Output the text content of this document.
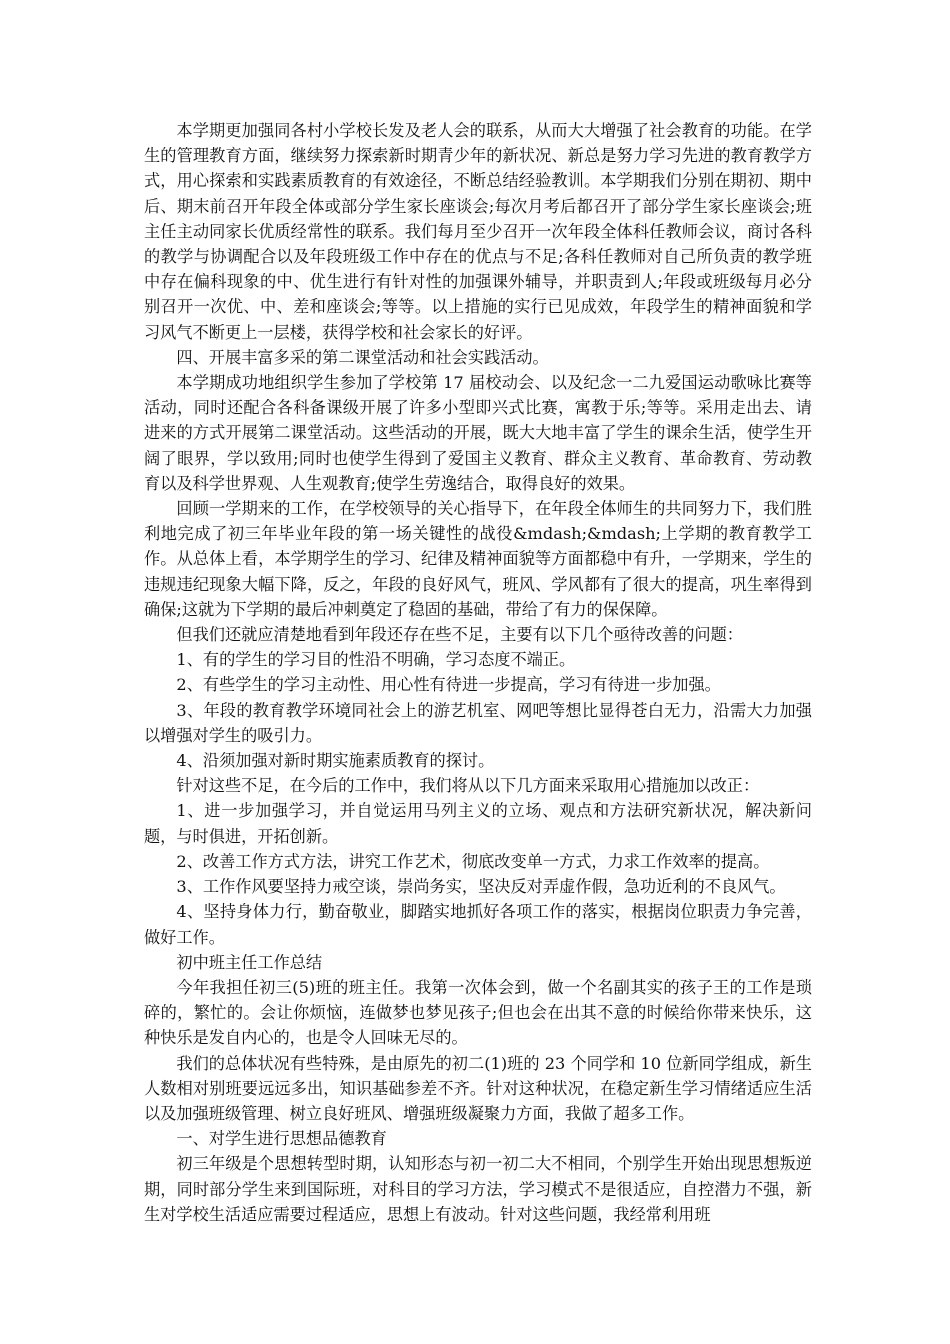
本学期更加强同各村小学校长发及老人会的联系，从而大大增强了社会教育的功能。在学生的管理教育方面，继续努力探索新时期青少年的新状况、新总是努力学习先进的教育教学方式，用心探索和实践素质教育的有效途径，不断总结经验教训。本学期我们分别在期初、期中后、期末前召开年段全体或部分学生家长座谈会;每次月考后都召开了部分学生家长座谈会;班主任主动同家长优质经常性的联系。我们每月至少召开一次年段全体科任教师会议，商讨各科的教学与协调配合以及年段班级工作中存在的优点与不足;各科任教师对自己所负责的教学班中存在偏科现象的中、优生进行有针对性的加强课外辅导，并职责到人;年段或班级每月必分别召开一次优、中、差和座谈会;等等。以上措施的实行已见成效，年段学生的精神面貌和学习风气不断更上一层楼，获得学校和社会家长的好评。

四、开展丰富多采的第二课堂活动和社会实践活动。

本学期成功地组织学生参加了学校第 17 届校动会、以及纪念一二九爱国运动歌咏比赛等活动，同时还配合各科备课级开展了许多小型即兴式比赛，寓教于乐;等等。采用走出去、请进来的方式开展第二课堂活动。这些活动的开展，既大大地丰富了学生的课余生活，使学生开阔了眼界，学以致用;同时也使学生得到了爱国主义教育、群众主义教育、革命教育、劳动教育以及科学世界观、人生观教育;使学生劳逸结合，取得良好的效果。

回顾一学期来的工作，在学校领导的关心指导下，在年段全体师生的共同努力下，我们胜利地完成了初三年毕业年段的第一场关键性的战役&mdash;&mdash;上学期的教育教学工作。从总体上看，本学期学生的学习、纪律及精神面貌等方面都稳中有升，一学期来，学生的违规违纪现象大幅下降，反之，年段的良好风气，班风、学风都有了很大的提高，巩生率得到确保;这就为下学期的最后冲刺奠定了稳固的基础，带给了有力的保保障。

但我们还就应清楚地看到年段还存在些不足，主要有以下几个亟待改善的问题：

1、有的学生的学习目的性沿不明确，学习态度不端正。

2、有些学生的学习主动性、用心性有待进一步提高，学习有待进一步加强。

3、年段的教育教学环境同社会上的游艺机室、网吧等想比显得苍白无力，沿需大力加强以增强对学生的吸引力。

4、沿须加强对新时期实施素质教育的探讨。

针对这些不足，在今后的工作中，我们将从以下几方面来采取用心措施加以改正：

1、进一步加强学习，并自觉运用马列主义的立场、观点和方法研究新状况，解决新问题，与时俱进，开拓创新。

2、改善工作方式方法，讲究工作艺术，彻底改变单一方式，力求工作效率的提高。

3、工作作风要坚持力戒空谈，崇尚务实，坚决反对弄虚作假，急功近利的不良风气。

4、坚持身体力行，勤奋敬业，脚踏实地抓好各项工作的落实，根据岗位职责力争完善，做好工作。

初中班主任工作总结

今年我担任初三(5)班的班主任。我第一次体会到，做一个名副其实的孩子王的工作是琐碎的，繁忙的。会让你烦恼，连做梦也梦见孩子;但也会在出其不意的时候给你带来快乐，这种快乐是发自内心的，也是令人回味无尽的。

我们的总体状况有些特殊，是由原先的初二(1)班的 23 个同学和 10 位新同学组成，新生人数相对别班要远远多出，知识基础参差不齐。针对这种状况，在稳定新生学习情绪适应生活以及加强班级管理、树立良好班风、增强班级凝聚力方面，我做了超多工作。

一、对学生进行思想品德教育

初三年级是个思想转型时期，认知形态与初一初二大不相同，个别学生开始出现思想叛逆期，同时部分学生来到国际班，对科目的学习方法，学习模式不是很适应，自控潜力不强，新生对学校生活适应需要过程适应，思想上有波动。针对这些问题，我经常利用班
